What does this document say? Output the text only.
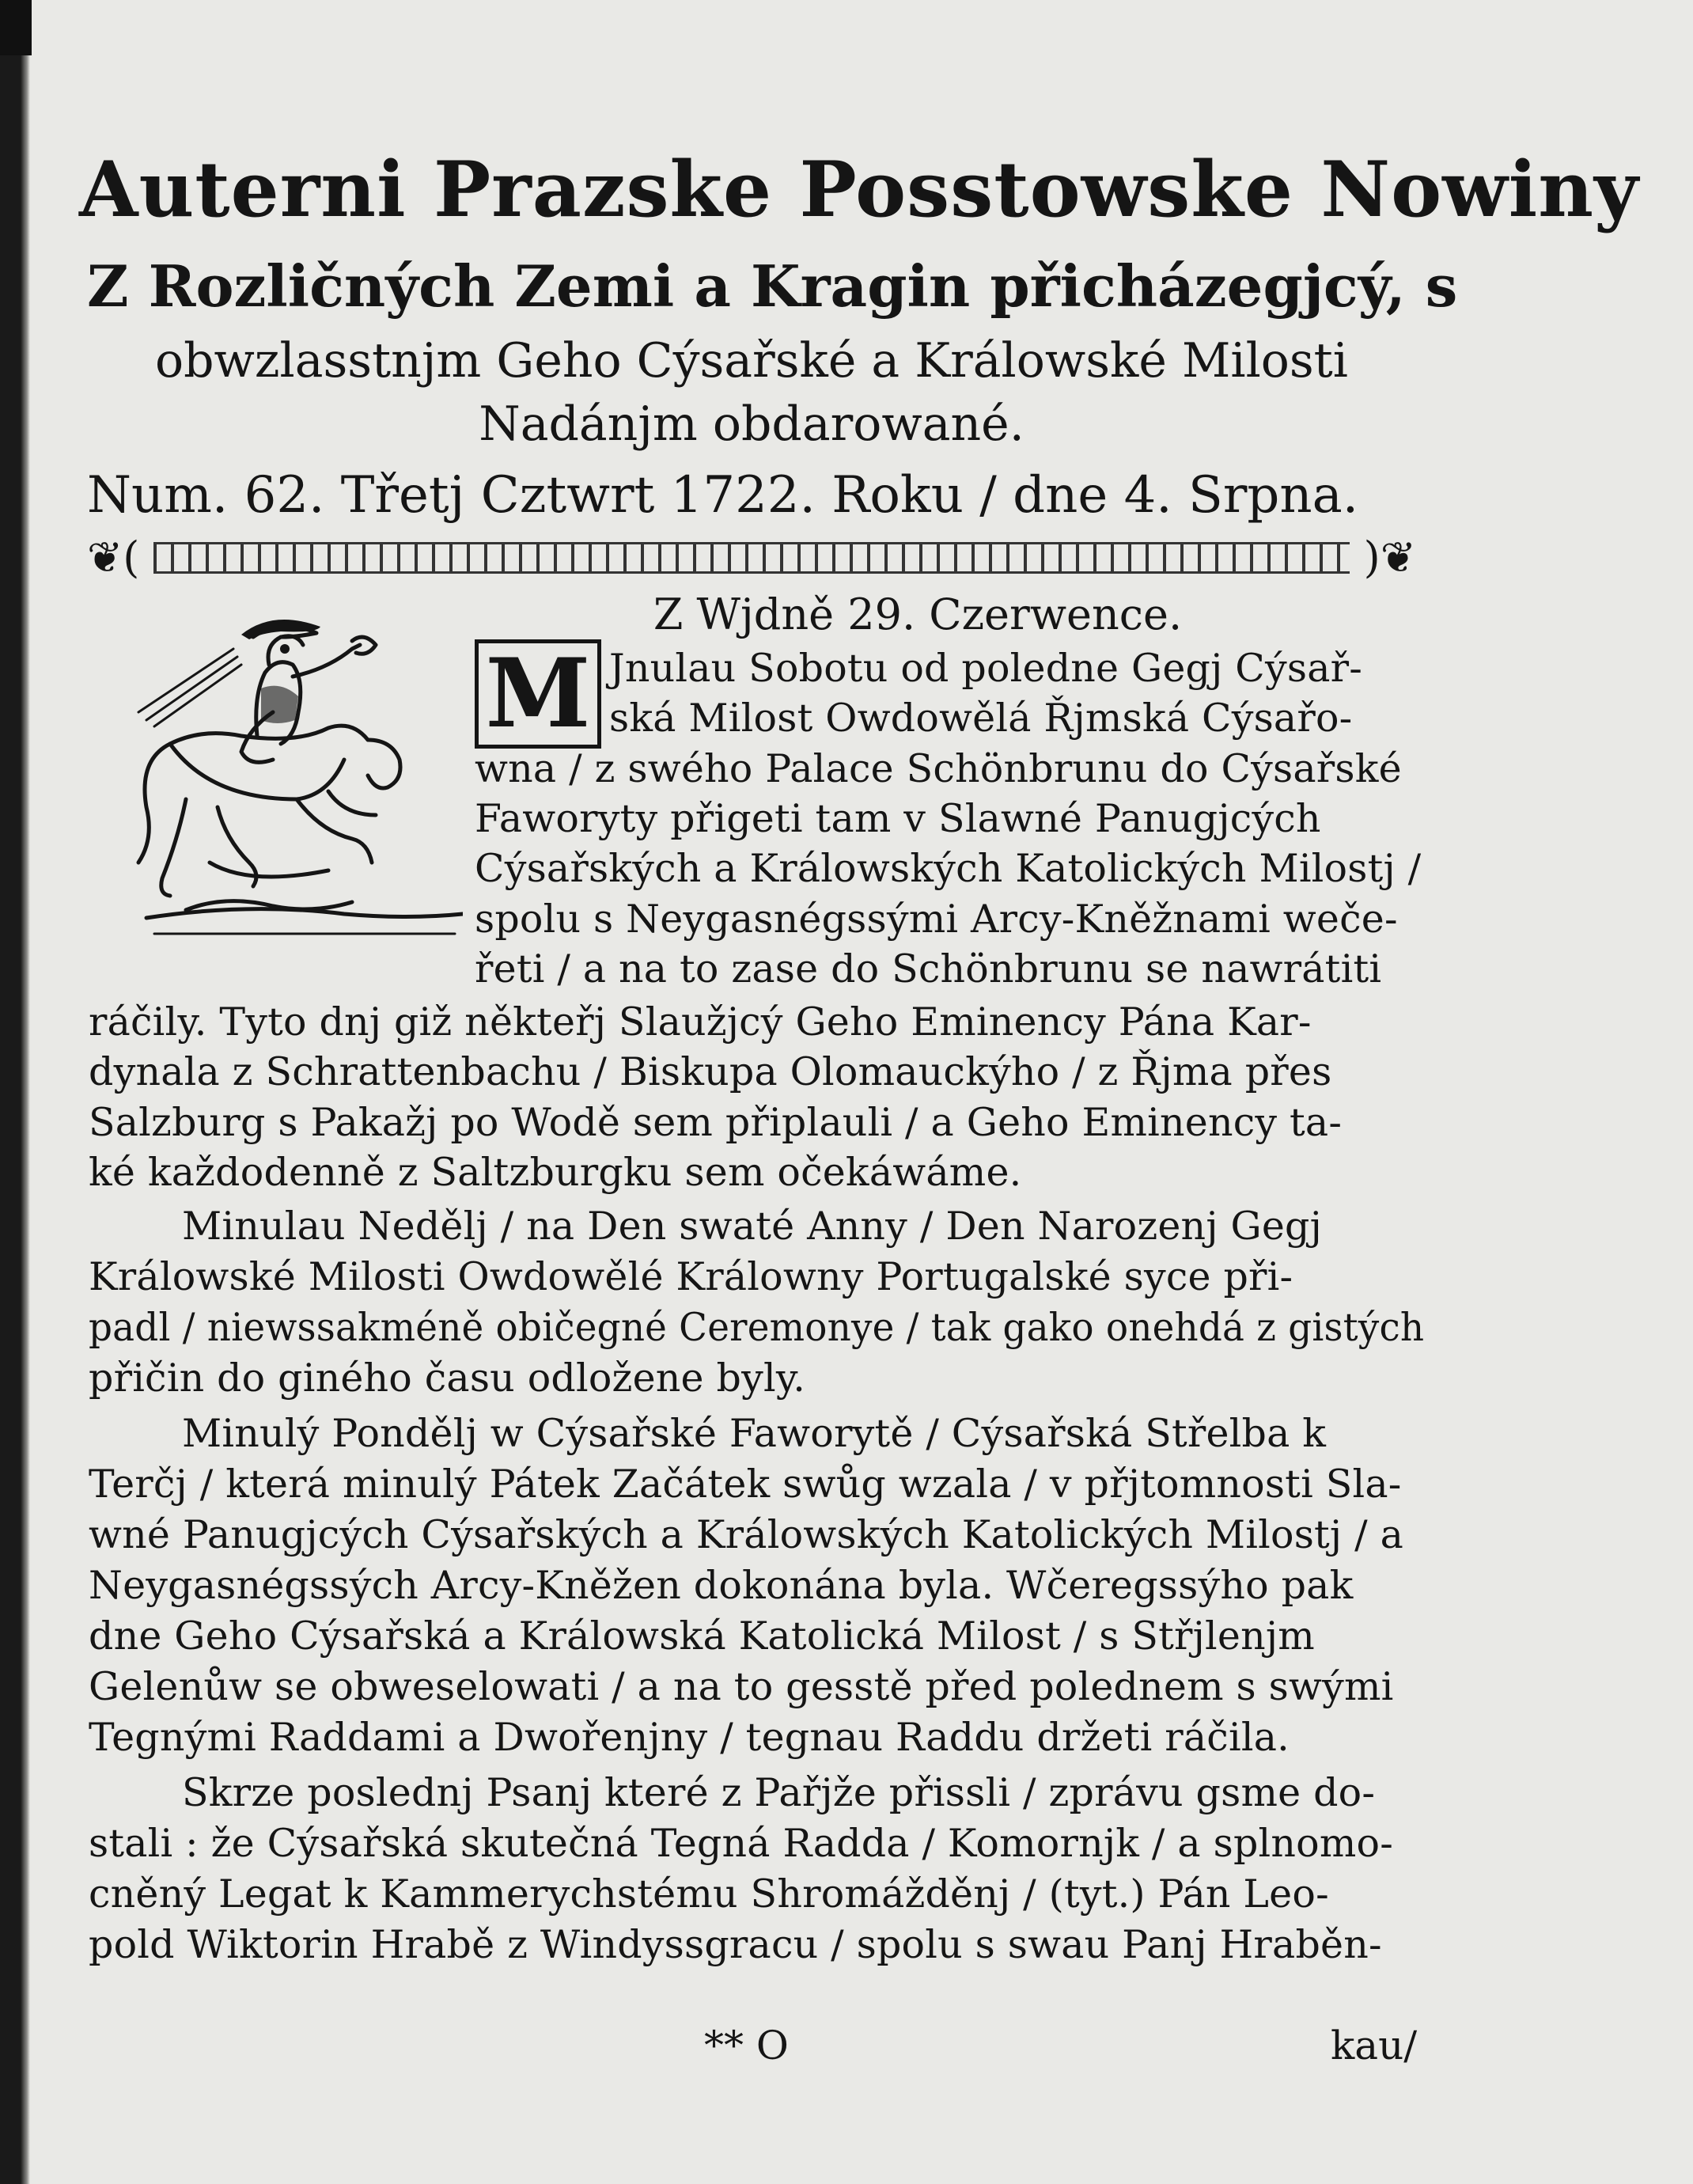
Auterni Prazske Posstowske Nowiny
Z Rozličných Zemi a Kragin přicházegjcý, s
obwzlasstnjm Geho Cýsařské a Králowské Milosti
Nadánjm obdarowané.
Num. 62. Třetj Cztwrt 1722. Roku / dne 4. Srpna.
❦(	)❦
Z Wjdně 29. Czerwence.
M Jnulau Sobotu od poledne Gegj Cýsař-
ská Milost Owdowělá Řjmská Cýsařo-
wna / z swého Palace Schönbrunu do Cýsařské
Faworyty přigeti tam v Slawné Panugjcých
Cýsařských a Králowských Katolických Milostj /
spolu s Neygasnégssými Arcy-Kněžnami wečе-
řeti / a na to zase do Schönbrunu se nawrátiti
ráčily. Tyto dnj giž někteřj Slaužjcý Geho Eminency Pána Kar-
dynala z Schrattenbachu / Biskupa Olomauckýho / z Řjma přes
Salzburg s Pakažj po Wodě sem připlauli / a Geho Eminency ta-
ké každodenně z Saltzburgku sem očekáwáme.
Minulau Nedělj / na Den swaté Anny / Den Narozenj Gegj
Králowské Milosti Owdowělé Králowny Portugalské syce při-
padl / niewssakméně običegné Ceremonye / tak gako onehdá z gistých
přičin do giného času odložene byly.
Minulý Pondělj w Cýsařské Faworytě / Cýsařská Střelba k
Terčj / která minulý Pátek Začátek swůg wzala / v přjtomnosti Sla-
wné Panugjcých Cýsařských a Králowských Katolických Milostj / a
Neygasnégssých Arcy-Kněžen dokonána byla. Wčeregssýho pak
dne Geho Cýsařská a Králowská Katolická Milost / s Střjlenjm
Gelenůw se obweselowati / a na to gesstě před polednem s swými
Tegnými Raddami a Dwořenjny / tegnau Raddu držeti ráčila.
Skrze poslednj Psanj které z Pařjže přissli / zprávu gsme do-
stali : že Cýsařská skutečná Tegná Radda / Komornjk / a splnomo-
cněný Legat k Kammerychstému Shromážděnj / (tyt.) Pán Leo-
pold Wiktorin Hrabě z Windyssgracu / spolu s swau Panj Hraběn-
** O	kau/
